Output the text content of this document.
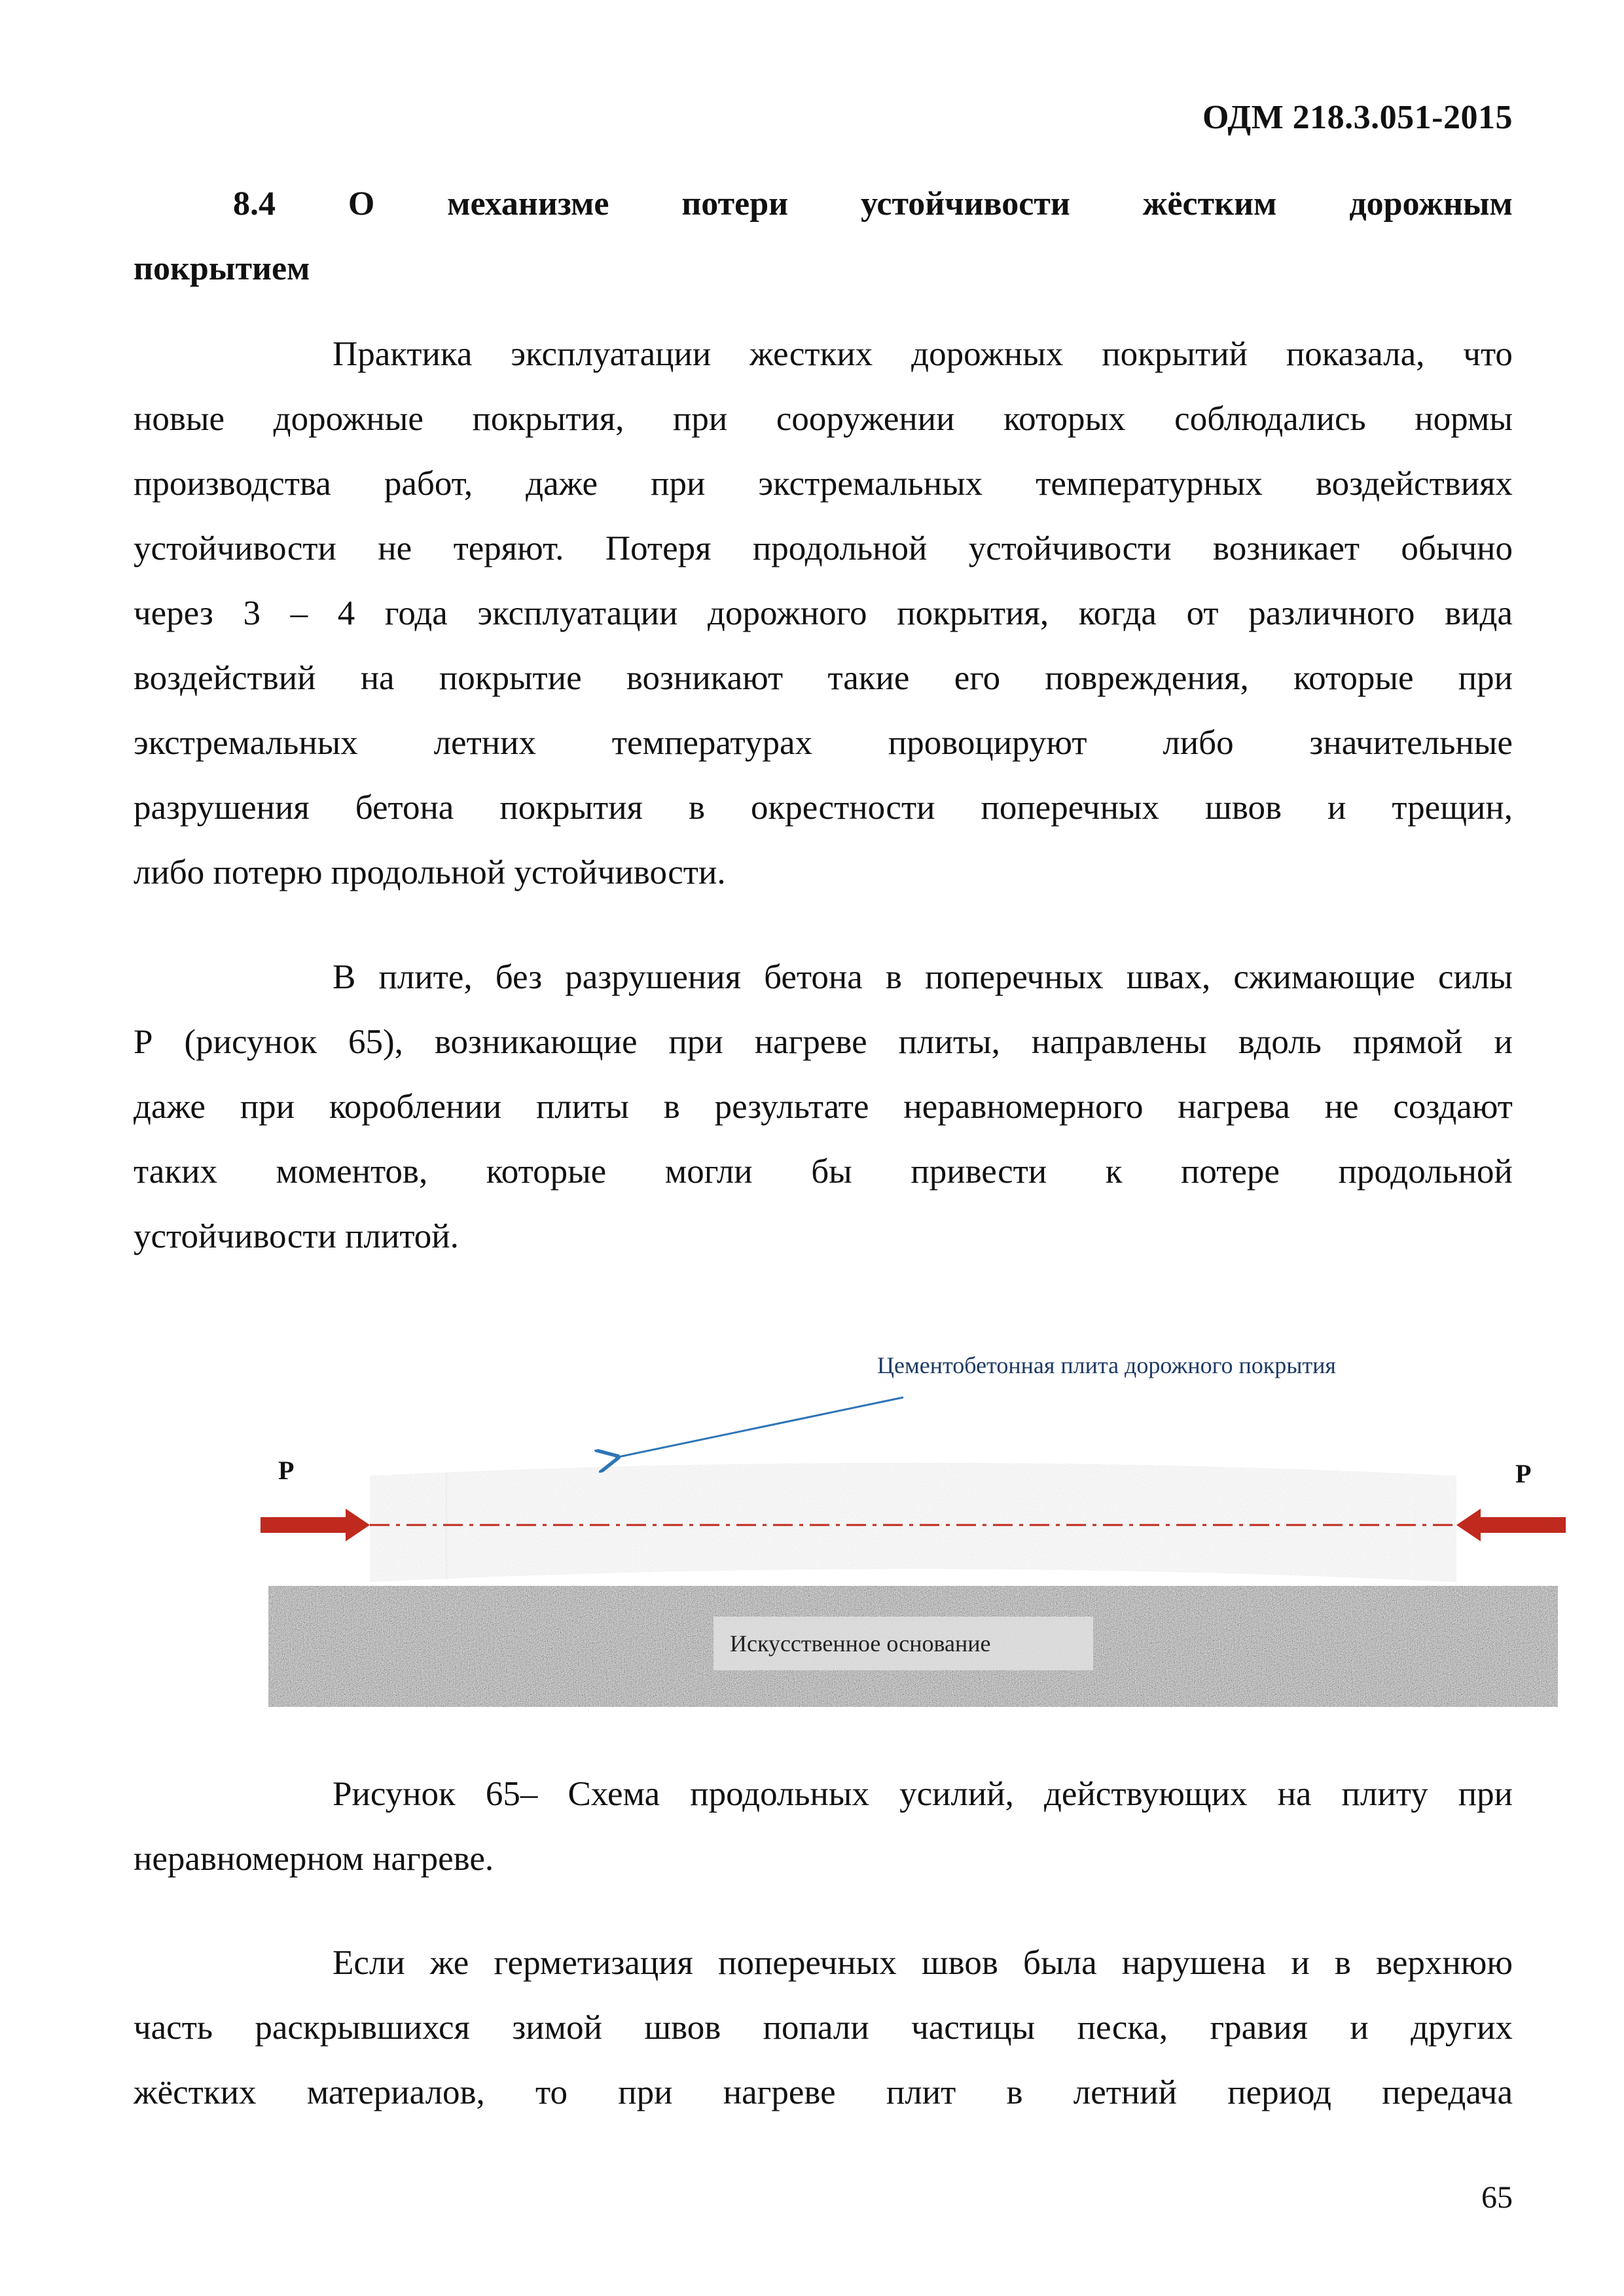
ОДМ 218.3.051-2015
8.4 О механизме потери устойчивости жёстким дорожным
покрытием
Практика эксплуатации жестких дорожных покрытий показала, что
новые дорожные покрытия, при сооружении которых соблюдались нормы
производства работ, даже при экстремальных температурных воздействиях
устойчивости не теряют. Потеря продольной устойчивости возникает обычно
через 3 – 4 года эксплуатации дорожного покрытия, когда от различного вида
воздействий на покрытие возникают такие его повреждения, которые при
экстремальных летних температурах провоцируют либо значительные
разрушения бетона покрытия в окрестности поперечных швов и трещин,
либо потерю продольной устойчивости.
В плите, без разрушения бетона в поперечных швах, сжимающие силы
Р (рисунок 65), возникающие при нагреве плиты, направлены вдоль прямой и
даже при короблении плиты в результате неравномерного нагрева не создают
таких моментов, которые могли бы привести к потере продольной
устойчивости плитой.
Цементобетонная плита дорожного покрытия
Искусственное основание
Р	Р
Рисунок 65– Схема продольных усилий, действующих на плиту при
неравномерном нагреве.
Если же герметизация поперечных швов была нарушена и в верхнюю
часть раскрывшихся зимой швов попали частицы песка, гравия и других
жёстких материалов, то при нагреве плит в летний период передача
65
